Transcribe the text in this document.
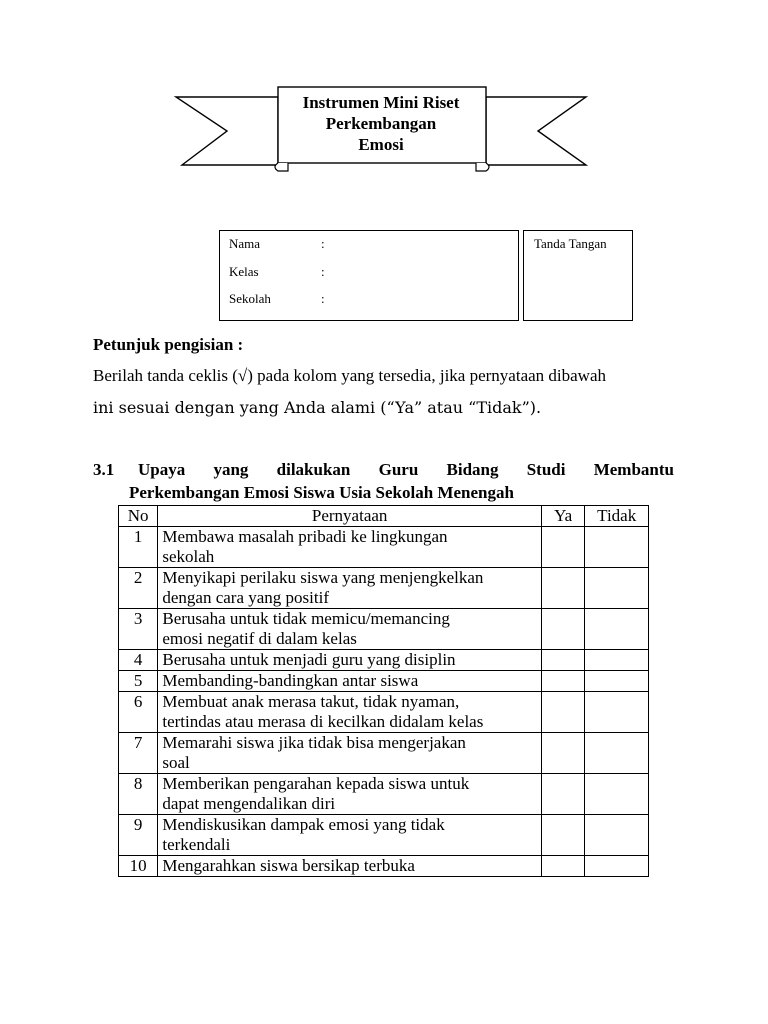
Instrumen Mini Riset
Perkembangan
Emosi
Nama	:
Kelas	:
Sekolah	:
Tanda Tangan
Petunjuk pengisian :
Berilah tanda ceklis (√) pada kolom yang tersedia, jika pernyataan dibawah
ini sesuai dengan yang Anda alami (“Ya” atau “Tidak”).
3.1 Upaya yang dilakukan Guru Bidang Studi Membantu
Perkembangan Emosi Siswa Usia Sekolah Menengah
No	Pernyataan	Ya	Tidak
1	Membawa masalah pribadi ke lingkungan
sekolah		
2	Menyikapi perilaku siswa yang menjengkelkan
dengan cara yang positif		
3	Berusaha untuk tidak memicu/memancing
emosi negatif di dalam kelas		
4	Berusaha untuk menjadi guru yang disiplin		
5	Membanding-bandingkan antar siswa		
6	Membuat anak merasa takut, tidak nyaman,
tertindas atau merasa di kecilkan didalam kelas		
7	Memarahi siswa jika tidak bisa mengerjakan
soal		
8	Memberikan pengarahan kepada siswa untuk
dapat mengendalikan diri		
9	Mendiskusikan dampak emosi yang tidak
terkendali		
10	Mengarahkan siswa bersikap terbuka		
